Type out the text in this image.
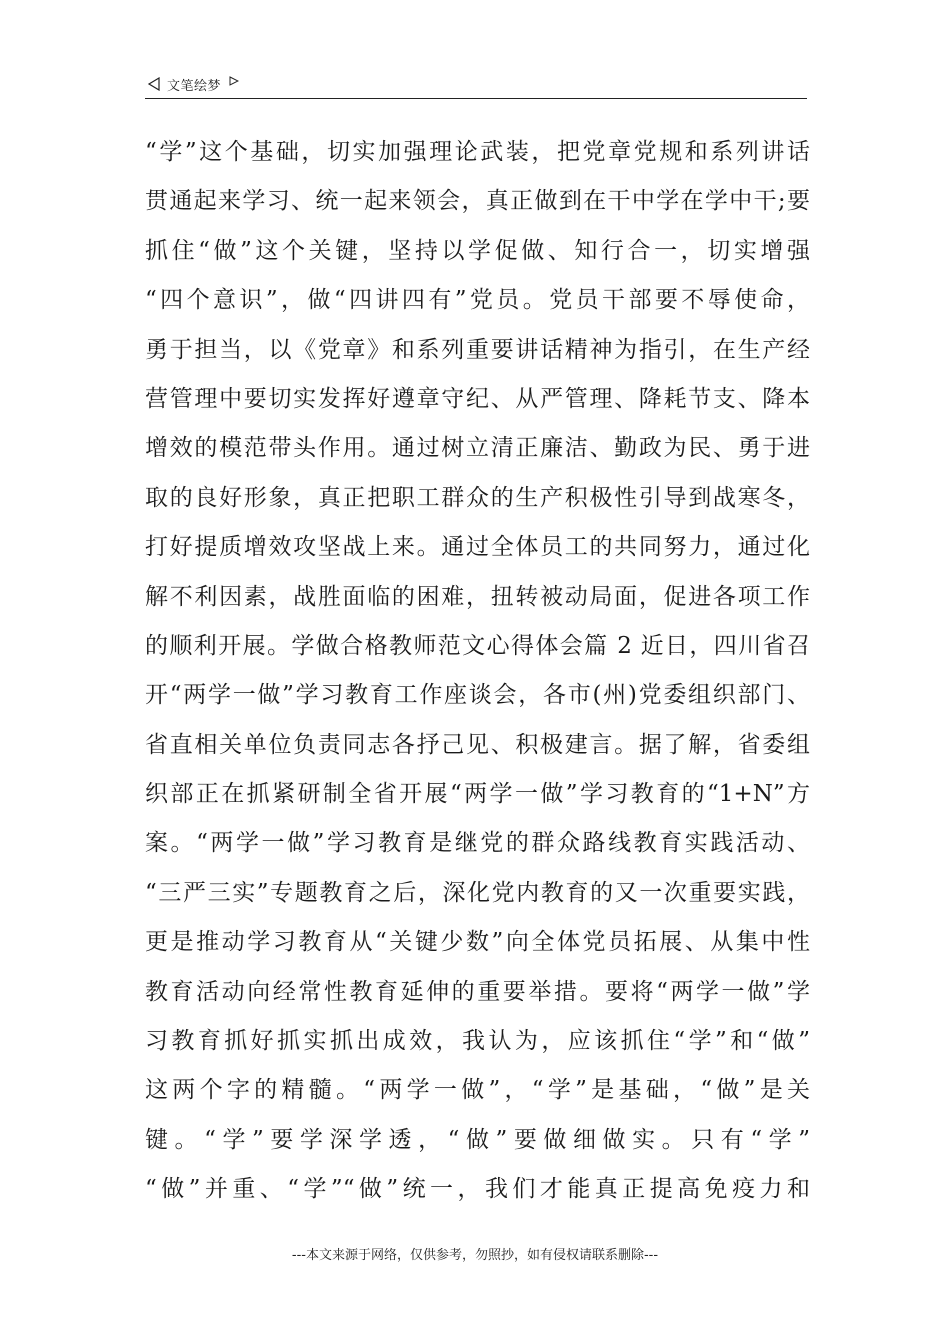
文笔绘梦
“学”这个基础，切实加强理论武装，把党章党规和系列讲话
贯通起来学习、统一起来领会，真正做到在干中学在学中干;要
抓住“做”这个关键，坚持以学促做、知行合一，切实增强
“四个意识”，做“四讲四有”党员。党员干部要不辱使命，
勇于担当，以《党章》和系列重要讲话精神为指引，在生产经
营管理中要切实发挥好遵章守纪、从严管理、降耗节支、降本
增效的模范带头作用。通过树立清正廉洁、勤政为民、勇于进
取的良好形象，真正把职工群众的生产积极性引导到战寒冬，
打好提质增效攻坚战上来。通过全体员工的共同努力，通过化
解不利因素，战胜面临的困难，扭转被动局面，促进各项工作
的顺利开展。学做合格教师范文心得体会篇 2 近日，四川省召
开“两学一做”学习教育工作座谈会，各市(州)党委组织部门、
省直相关单位负责同志各抒己见、积极建言。据了解，省委组
织部正在抓紧研制全省开展“两学一做”学习教育的“1+N”方
案。“两学一做”学习教育是继党的群众路线教育实践活动、
“三严三实”专题教育之后，深化党内教育的又一次重要实践，
更是推动学习教育从“关键少数”向全体党员拓展、从集中性
教育活动向经常性教育延伸的重要举措。要将“两学一做”学
习教育抓好抓实抓出成效，我认为，应该抓住“学”和“做”
这两个字的精髓。“两学一做”，“学”是基础，“做”是关
键。“学”要学深学透，“做”要做细做实。只有“学”
“做”并重、“学”“做”统一，我们才能真正提高免疫力和
---本文来源于网络，仅供参考，勿照抄，如有侵权请联系删除---
